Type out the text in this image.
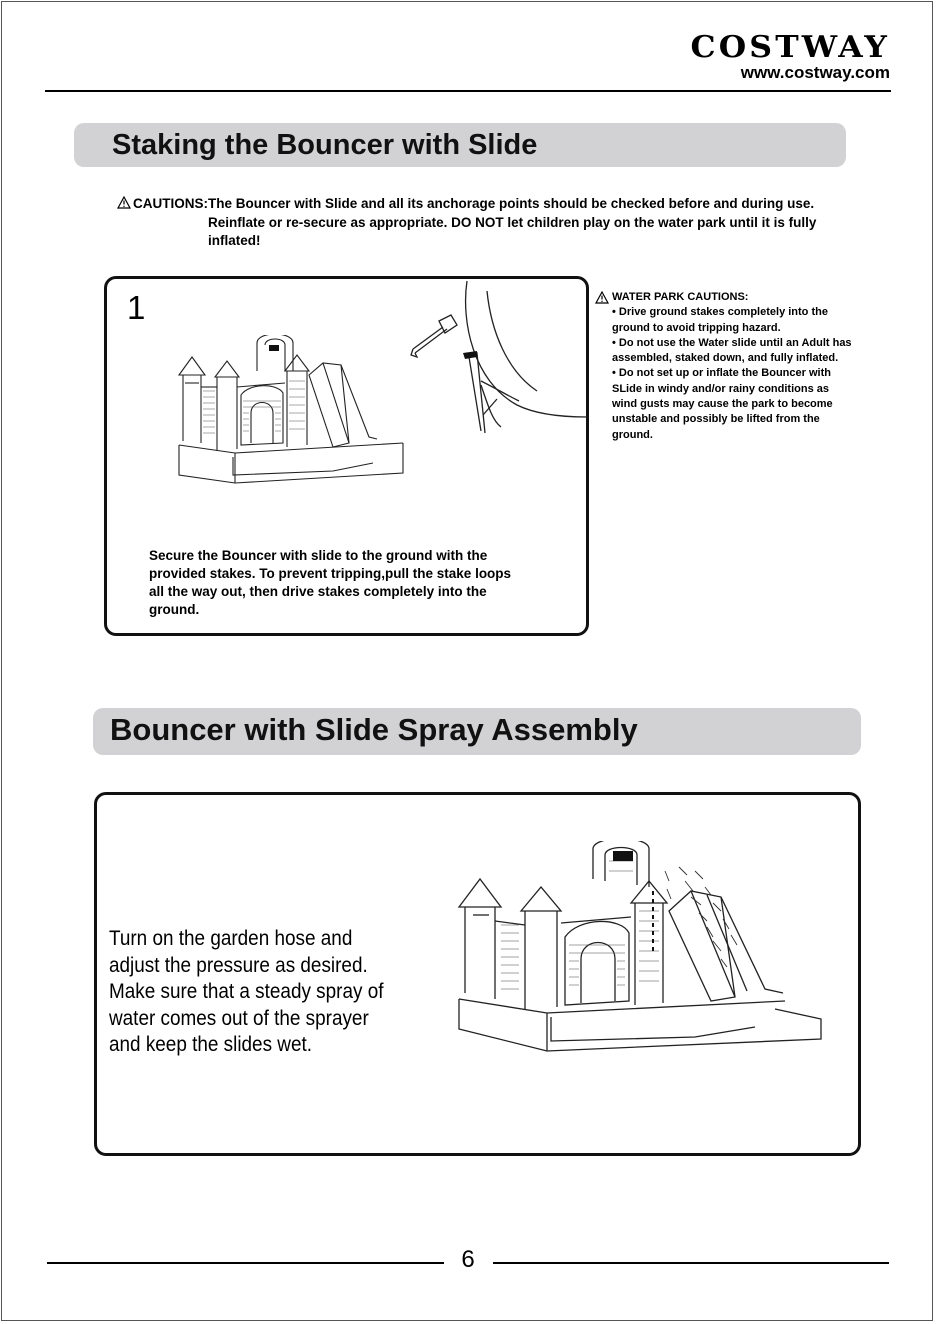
COSTWAY
www.costway.com
Staking the Bouncer with Slide
CAUTIONS: The Bouncer with Slide and all its anchorage points should be checked before and during use. Reinflate or re-secure as appropriate. DO NOT let children play on the water park until it is fully inflated!
1
Secure the Bouncer with slide to the ground with the provided stakes. To prevent tripping,pull the stake loops all the way out, then drive stakes completely into the ground.
WATER PARK CAUTIONS:
• Drive ground stakes completely into the ground to avoid tripping hazard.
• Do not use the Water slide until an Adult has assembled, staked down, and fully inflated.
• Do not set up or inflate the Bouncer with SLide in windy and/or rainy conditions as wind gusts may cause the park to become unstable and possibly be lifted from the ground.
Bouncer with Slide Spray Assembly
Turn on the garden hose and adjust the pressure as desired. Make sure that a steady spray of water comes out of the sprayer and keep the slides wet.
6
